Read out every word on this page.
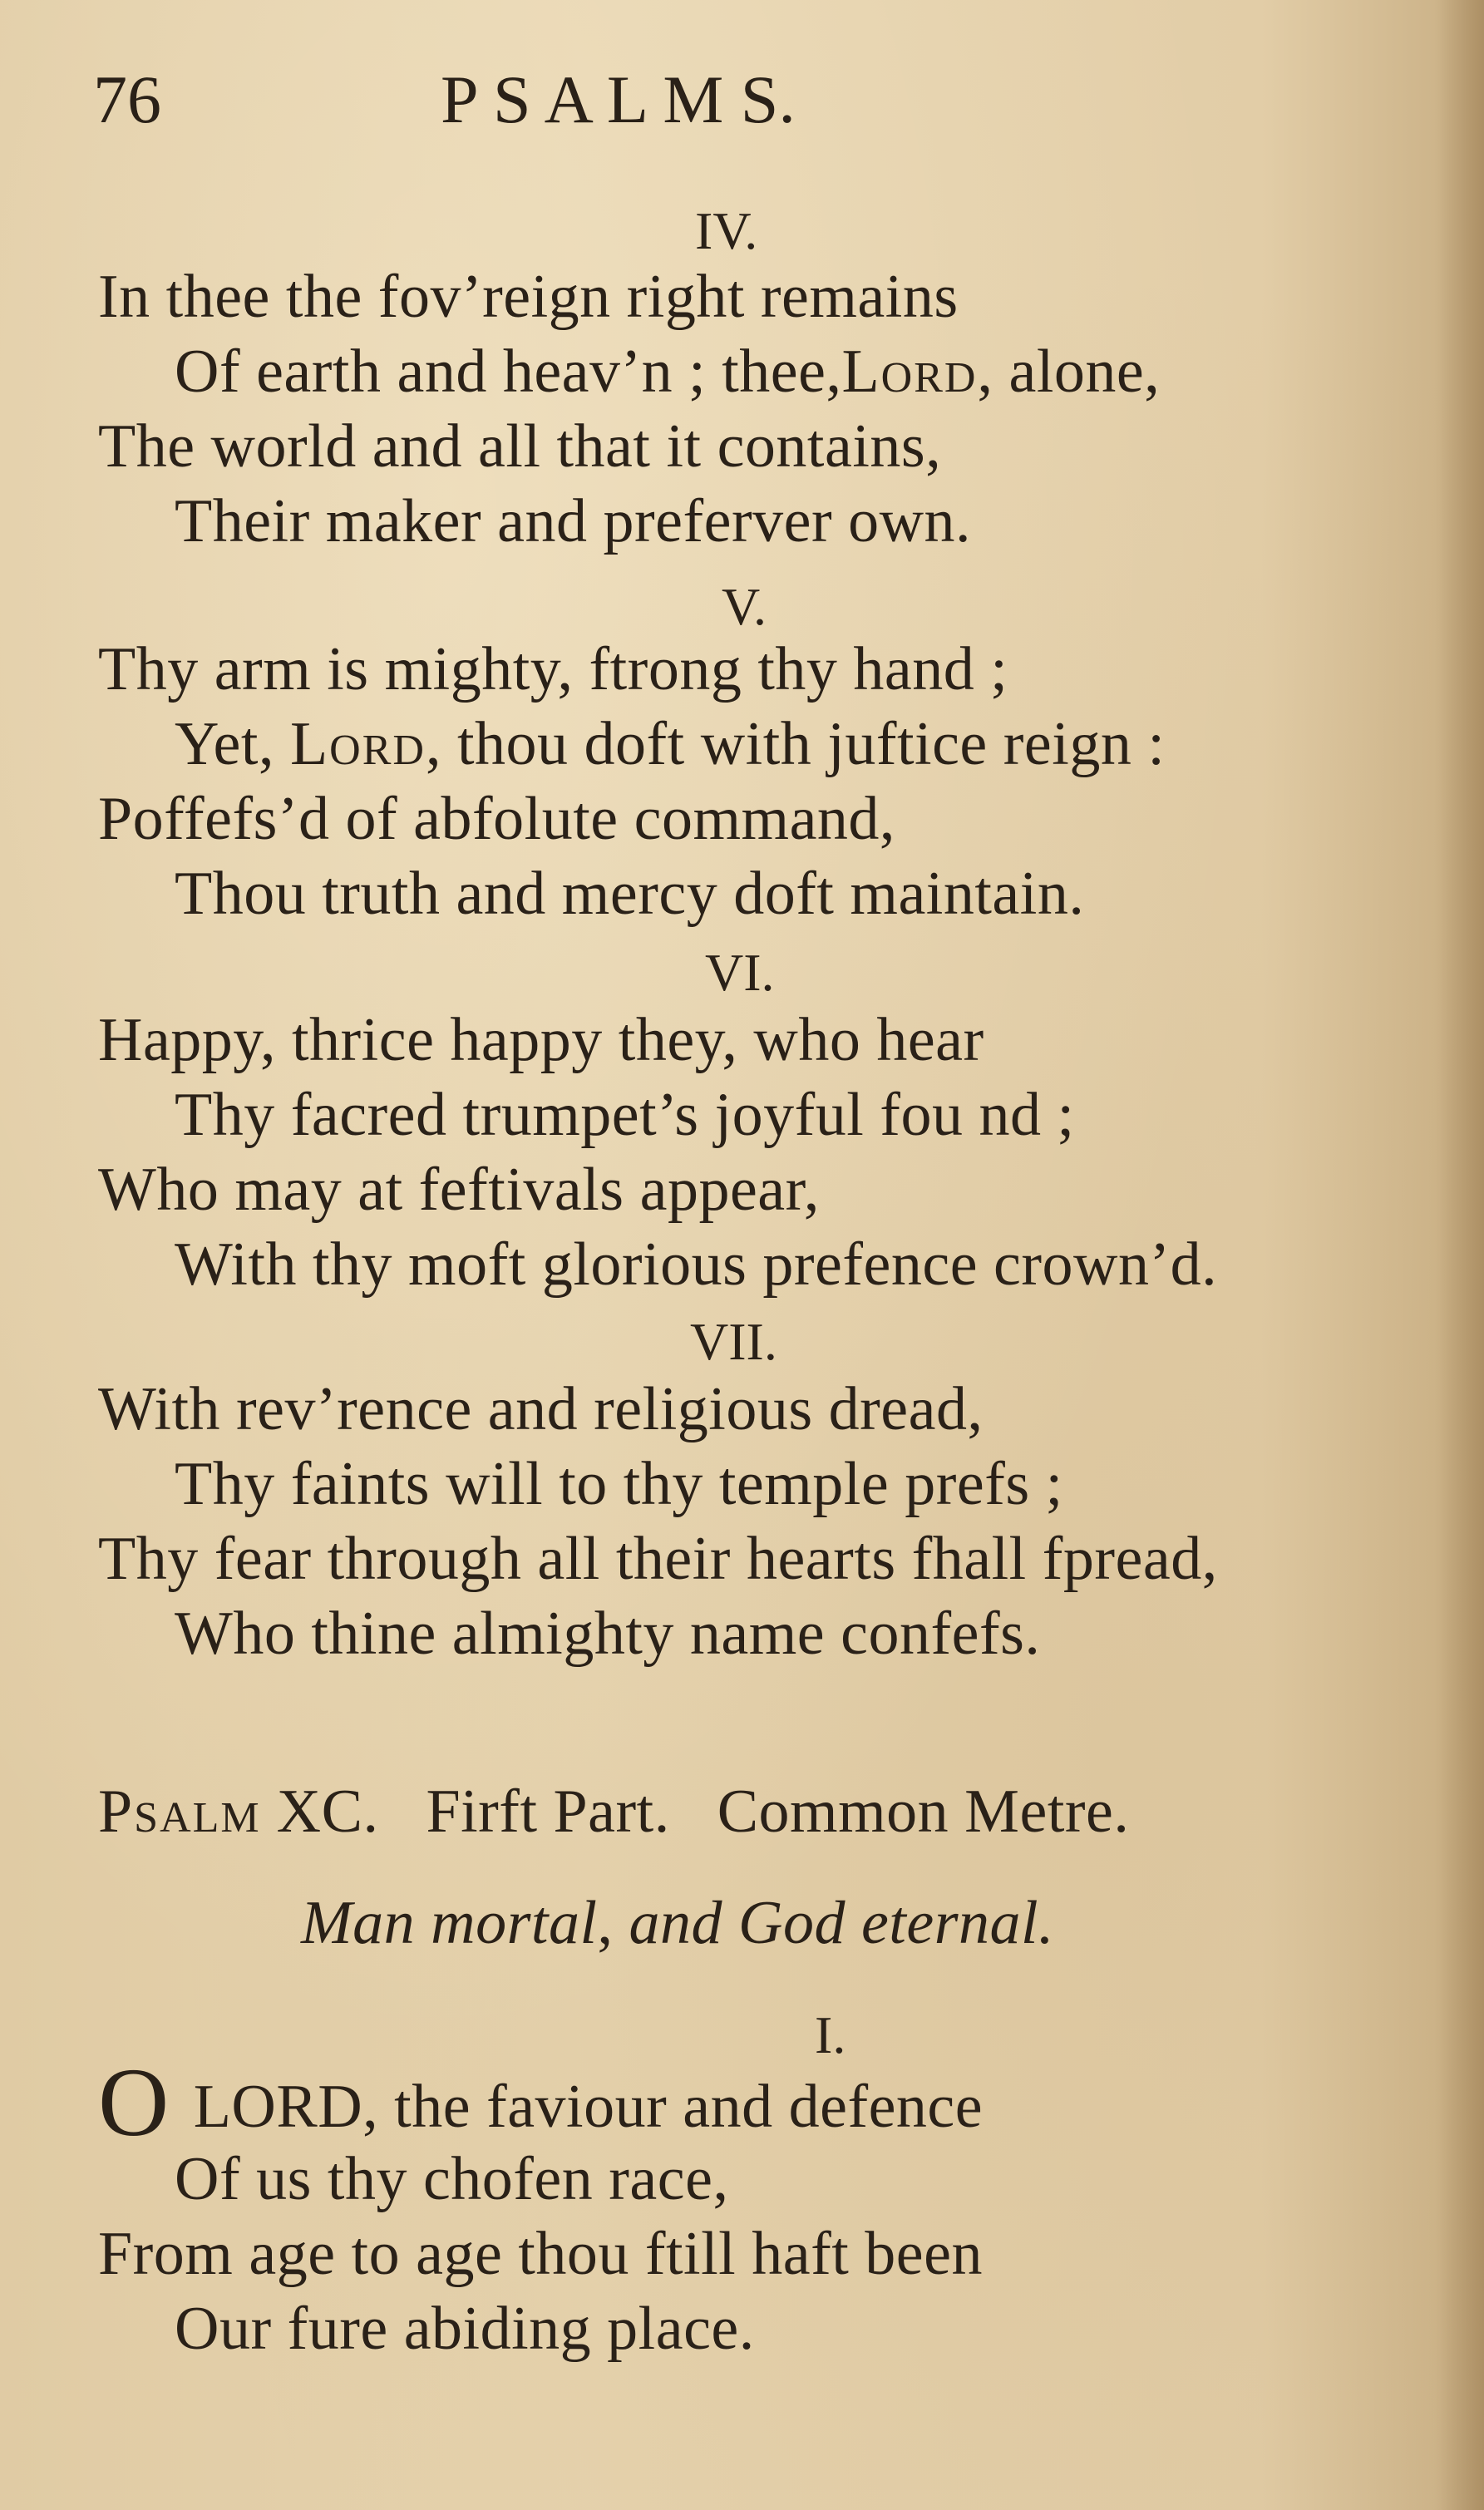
76	P S A L M S.
IV.
In thee the fov’reign right remains
Of earth and heav’n ; thee,Lord, alone,
The world and all that it contains,
Their maker and preferver own.
V.
Thy arm is mighty, ftrong thy hand ;
Yet, Lord, thou doft with juftice reign :
Poffefs’d of abfolute command,
Thou truth and mercy doft maintain.
VI.
Happy, thrice happy they, who hear
Thy facred trumpet’s joyful fou nd ;
Who may at feftivals appear,
With thy moft glorious prefence crown’d.
VII.
With rev’rence and religious dread,
Thy faints will to thy temple prefs ;
Thy fear through all their hearts fhall fpread,
Who thine almighty name confefs.
Psalm XC.   Firft Part.   Common Metre.
Man mortal, and God eternal.
I.
O LORD, the faviour and defence
Of us thy chofen race,
From age to age thou ftill haft been
Our fure abiding place.
